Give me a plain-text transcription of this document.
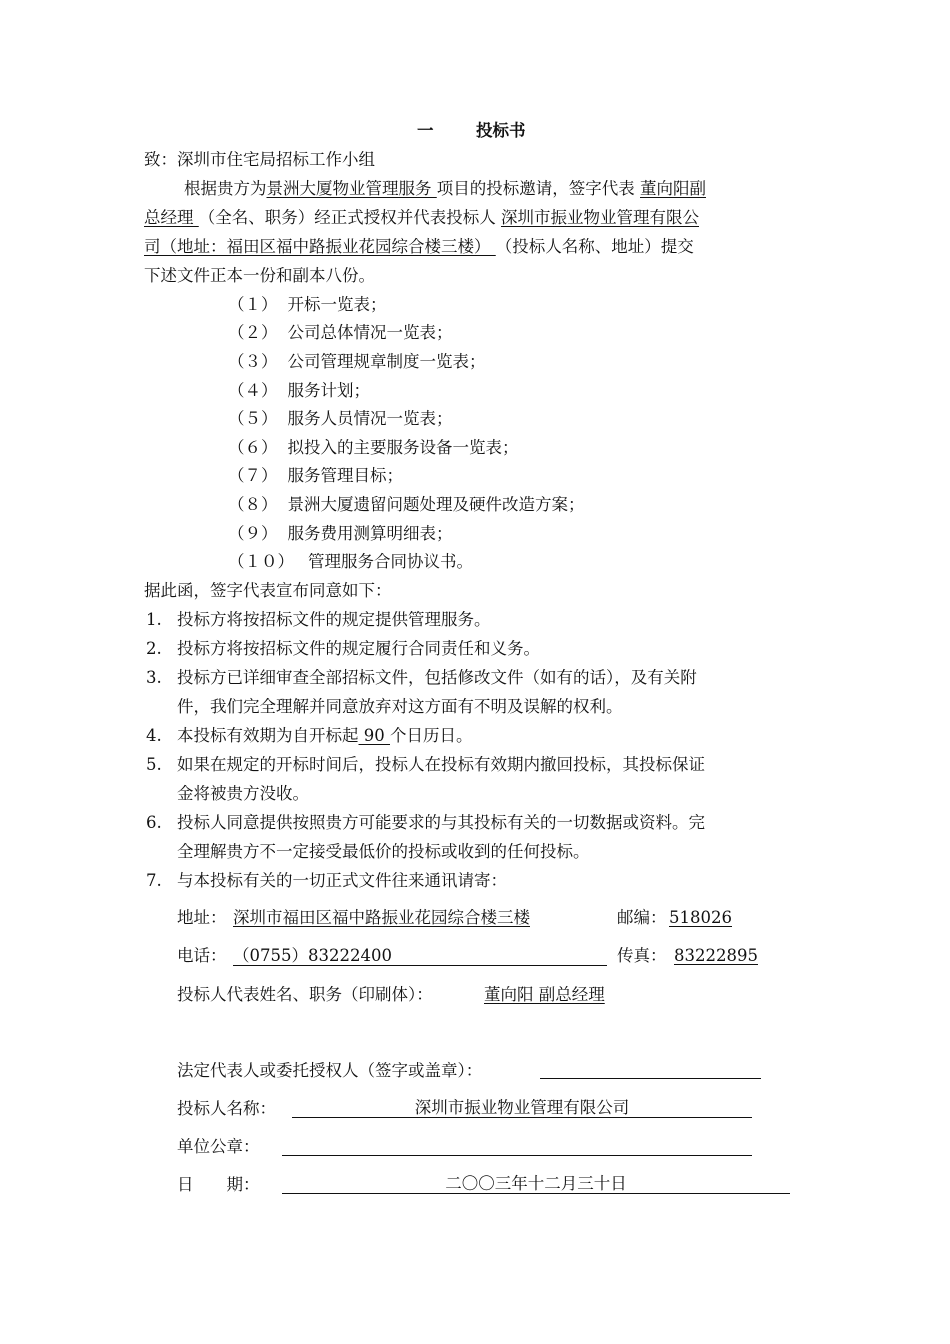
一	投标书
致：深圳市住宅局招标工作小组
根据贵方为景洲大厦物业管理服务 项目的投标邀请，签字代表 董向阳副
总经理 （全名、职务）经正式授权并代表投标人 深圳市振业物业管理有限公
司（地址：福田区福中路振业花园综合楼三楼） （投标人名称、地址）提交
下述文件正本一份和副本八份。
（１） 开标一览表；
（２） 公司总体情况一览表；
（３） 公司管理规章制度一览表；
（４） 服务计划；
（５） 服务人员情况一览表；
（６） 拟投入的主要服务设备一览表；
（７） 服务管理目标；
（８） 景洲大厦遗留问题处理及硬件改造方案；
（９） 服务费用测算明细表；
（１０） 管理服务合同协议书。
据此函，签字代表宣布同意如下：
1. 投标方将按招标文件的规定提供管理服务。
2. 投标方将按招标文件的规定履行合同责任和义务。
3. 投标方已详细审查全部招标文件，包括修改文件（如有的话），及有关附
件，我们完全理解并同意放弃对这方面有不明及误解的权利。
4. 本投标有效期为自开标起 90 个日历日。
5. 如果在规定的开标时间后，投标人在投标有效期内撤回投标，其投标保证
金将被贵方没收。
6. 投标人同意提供按照贵方可能要求的与其投标有关的一切数据或资料。完
全理解贵方不一定接受最低价的投标或收到的任何投标。
7. 与本投标有关的一切正式文件往来通讯请寄：
地址： 深圳市福田区福中路振业花园综合楼三楼	邮编： 518026
电话： （0755）83222400	传真： 83222895
投标人代表姓名、职务（印刷体）：	董向阳 副总经理
法定代表人或委托授权人（签字或盖章）：
投标人名称：	深圳市振业物业管理有限公司
单位公章：
日　　期：	二〇〇三年十二月三十日
